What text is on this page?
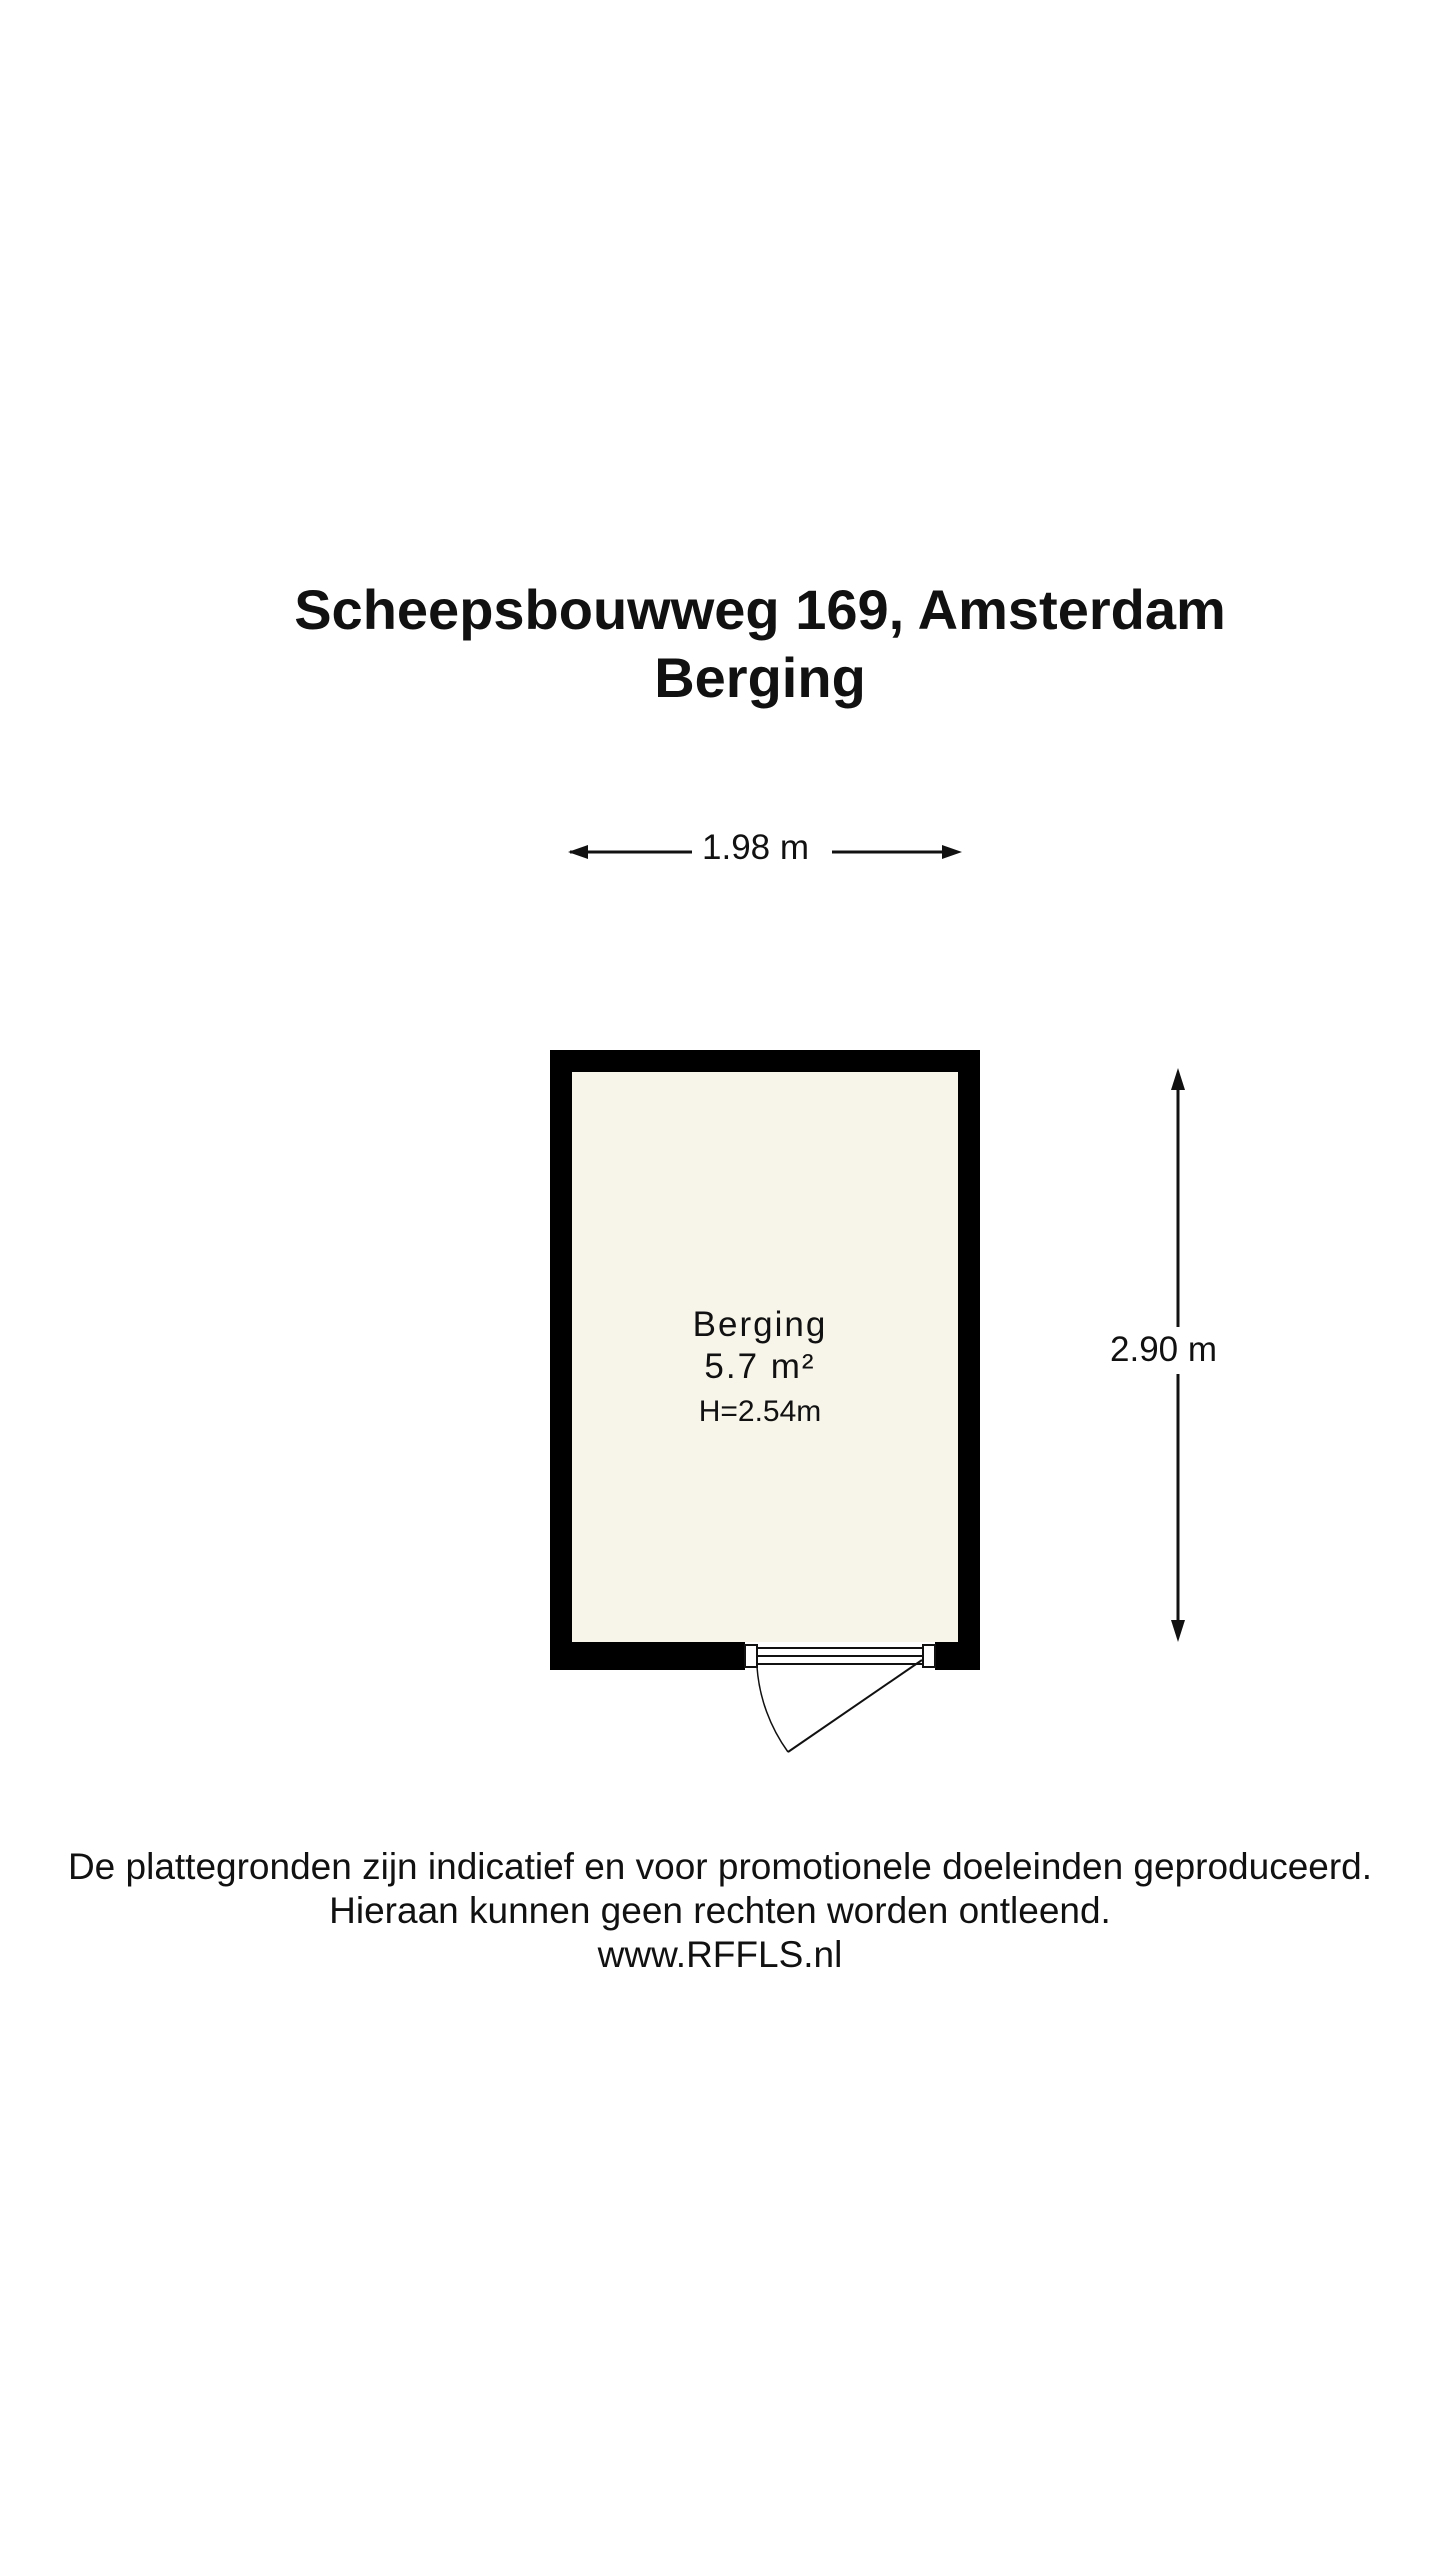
Scheepsbouwweg 169, Amsterdam
Berging
1.98 m
2.90 m
Berging
5.7 m²
H=2.54m
De plattegronden zijn indicatief en voor promotionele doeleinden geproduceerd.
Hieraan kunnen geen rechten worden ontleend.
www.RFFLS.nl
